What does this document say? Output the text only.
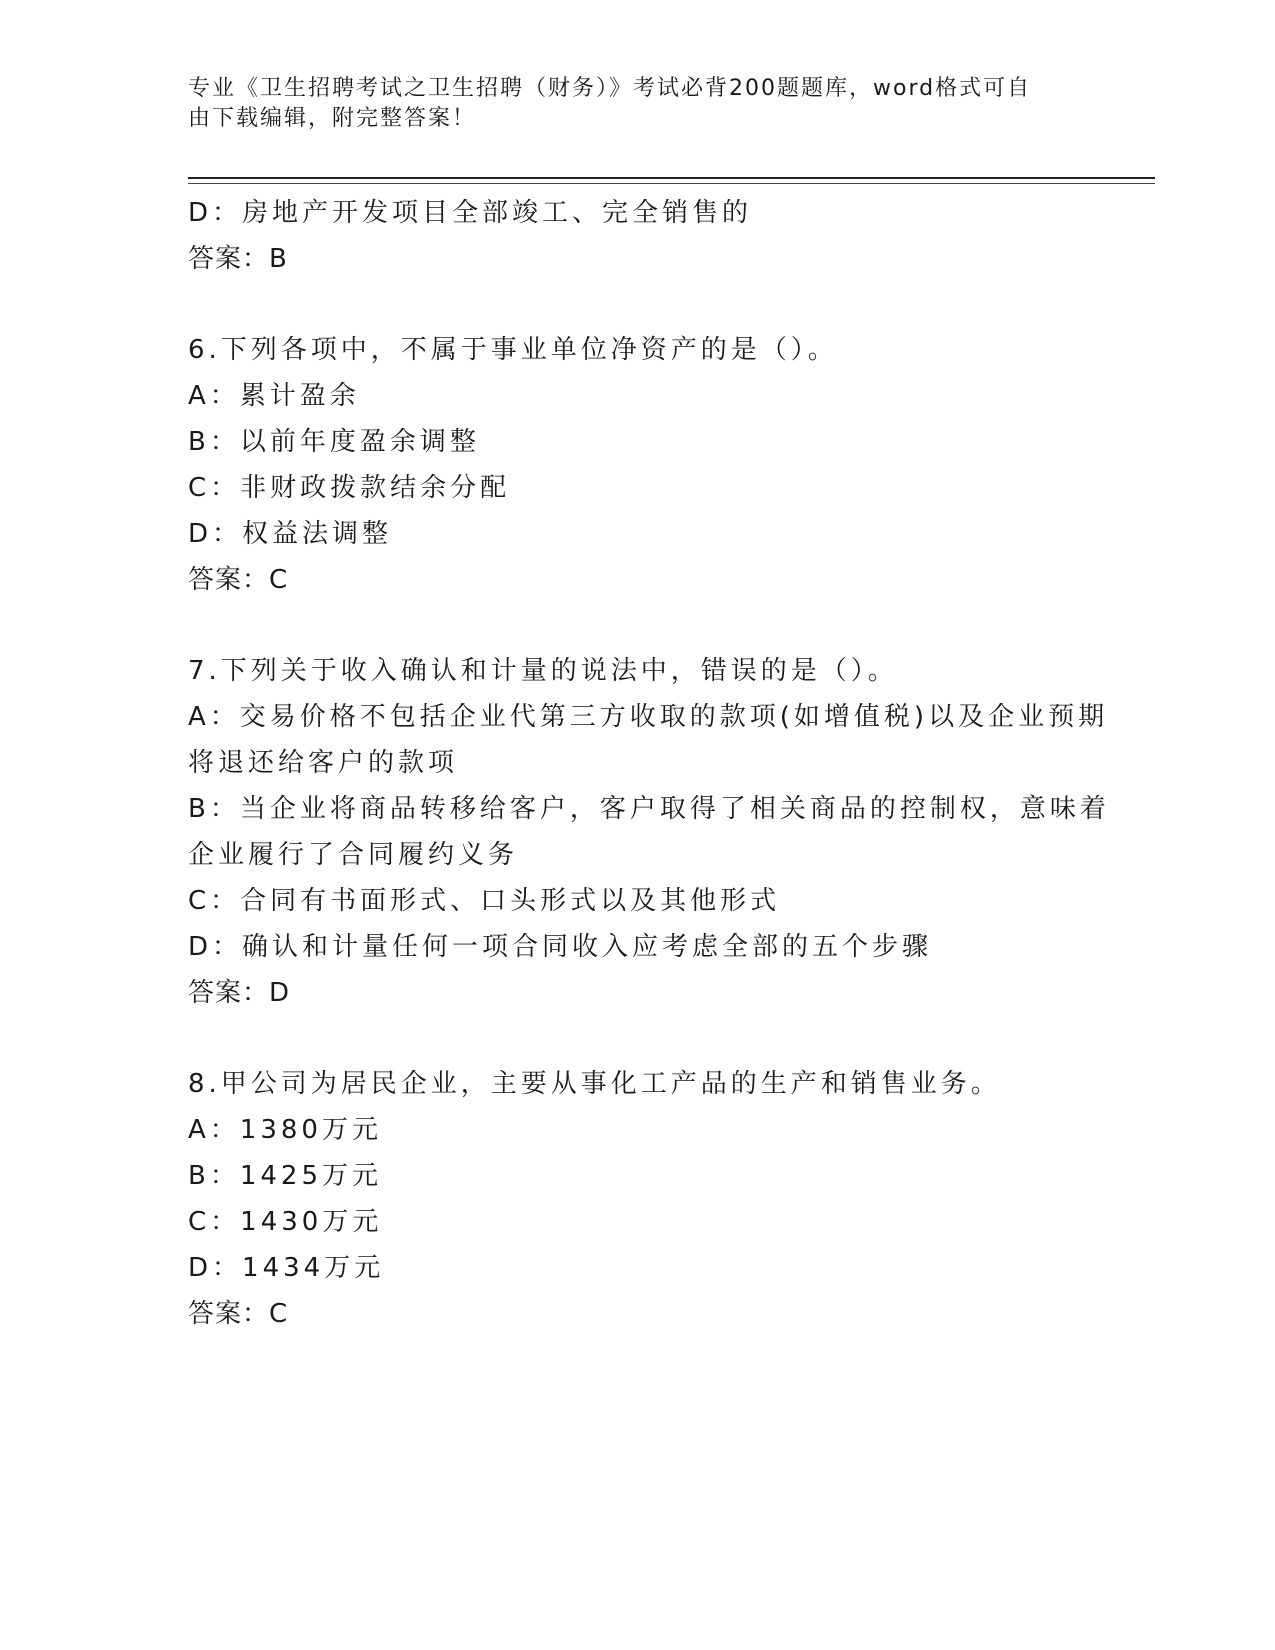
专业《卫生招聘考试之卫生招聘（财务）》考试必背200题题库，word格式可自
由下载编辑，附完整答案！
D：房地产开发项目全部竣工、完全销售的
答案：B
6.下列各项中，不属于事业单位净资产的是（）。
A：累计盈余
B：以前年度盈余调整
C：非财政拨款结余分配
D：权益法调整
答案：C
7.下列关于收入确认和计量的说法中，错误的是（）。
A：交易价格不包括企业代第三方收取的款项(如增值税)以及企业预期
将退还给客户的款项
B：当企业将商品转移给客户，客户取得了相关商品的控制权，意味着
企业履行了合同履约义务
C：合同有书面形式、口头形式以及其他形式
D：确认和计量任何一项合同收入应考虑全部的五个步骤
答案：D
8.甲公司为居民企业，主要从事化工产品的生产和销售业务。
A：1380万元
B：1425万元
C：1430万元
D：1434万元
答案：C
